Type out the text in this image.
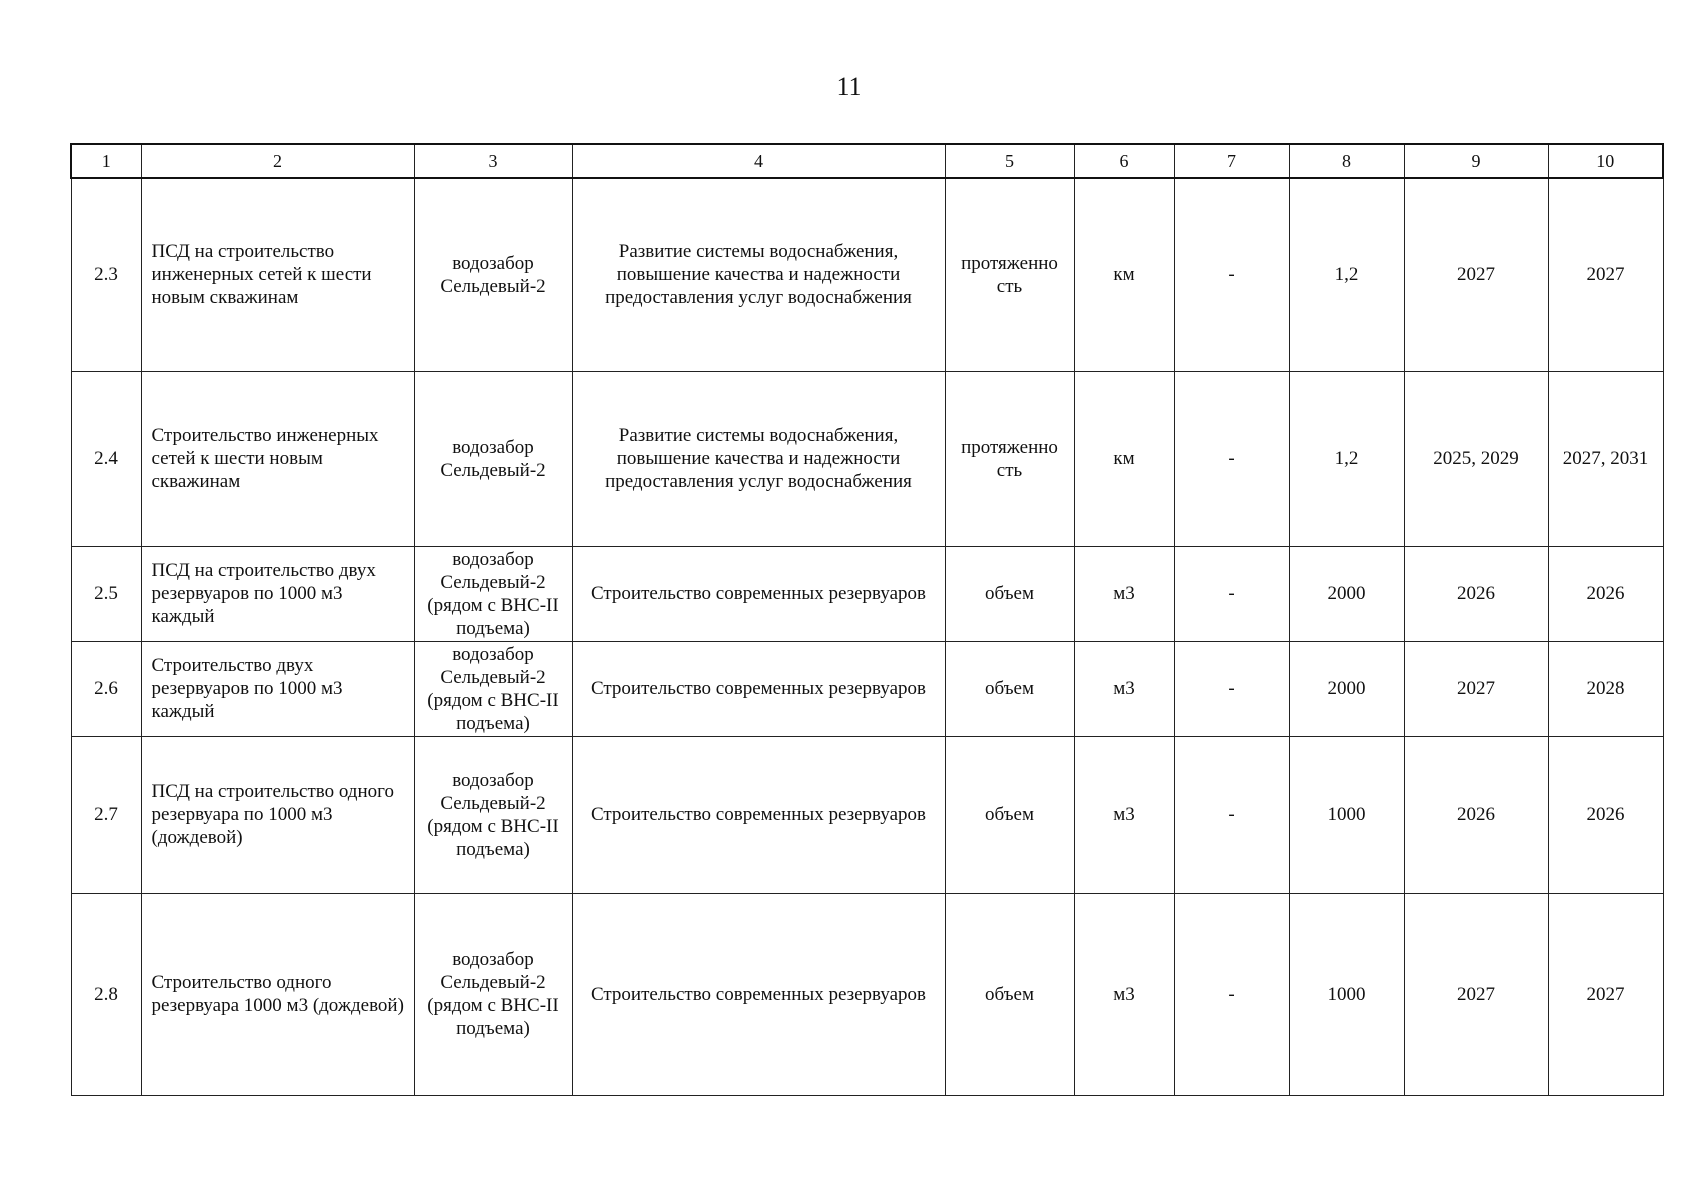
11
1	2	3	4	5	6	7	8	9	10
2.3	ПСД на строительство инженерных сетей к шести новым скважинам	водозабор Сельдевый-2	Развитие системы водоснабжения, повышение качества и надежности предоставления услуг водоснабжения	протяженно сть	км	-	1,2	2027	2027
2.4	Строительство инженерных сетей к шести новым скважинам	водозабор Сельдевый-2	Развитие системы водоснабжения, повышение качества и надежности предоставления услуг водоснабжения	протяженно сть	км	-	1,2	2025, 2029	2027, 2031
2.5	ПСД на строительство двух резервуаров по 1000 м3 каждый	водозабор Сельдевый-2 (рядом с ВНС-II подъема)	Строительство современных резервуаров	объем	м3	-	2000	2026	2026
2.6	Строительство двух резервуаров по 1000 м3 каждый	водозабор Сельдевый-2 (рядом с ВНС-II подъема)	Строительство современных резервуаров	объем	м3	-	2000	2027	2028
2.7	ПСД на строительство одного резервуара по 1000 м3 (дождевой)	водозабор Сельдевый-2 (рядом с ВНС-II подъема)	Строительство современных резервуаров	объем	м3	-	1000	2026	2026
2.8	Строительство одного резервуара 1000 м3 (дождевой)	водозабор Сельдевый-2 (рядом с ВНС-II подъема)	Строительство современных резервуаров	объем	м3	-	1000	2027	2027
